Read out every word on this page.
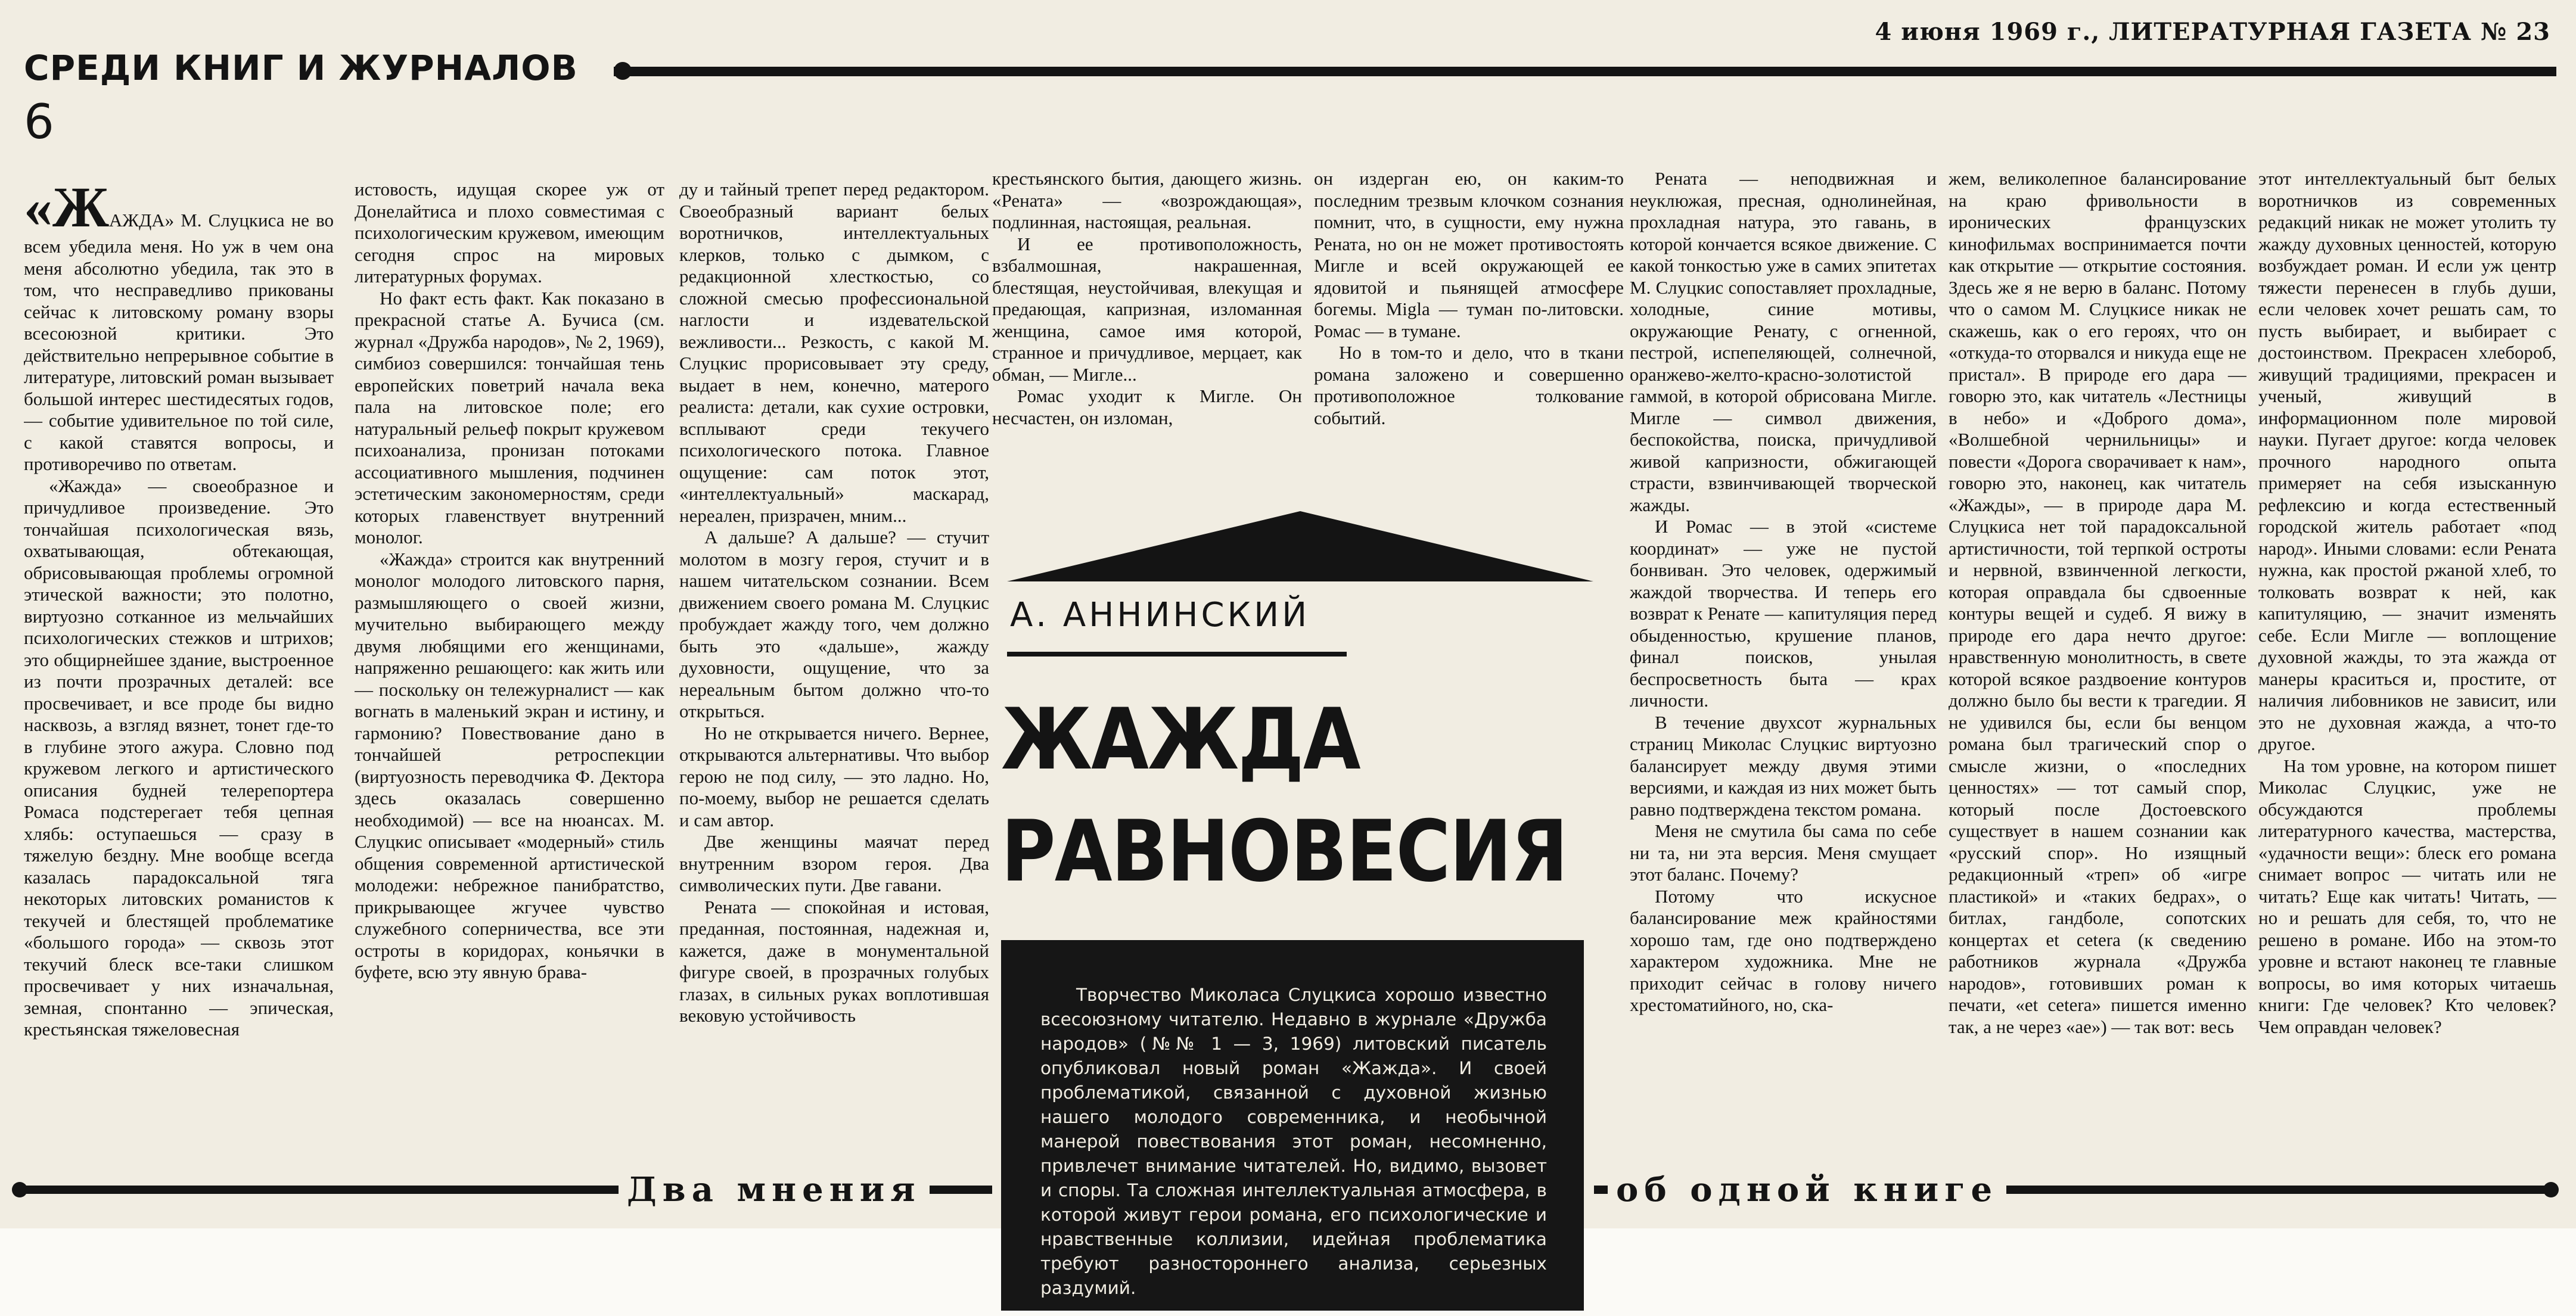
4 июня 1969 г., ЛИТЕРАТУРНАЯ ГАЗЕТА № 23
СРЕДИ КНИГ И ЖУРНАЛОВ
6

«ЖАЖДА» М. Слуцкиса не во всем убедила меня. Но уж в чем она меня абсолютно убедила, так это в том, что несправедливо прикованы сейчас к литовскому роману взоры всесоюзной критики. Это действительно непрерывное событие в литературе, литовский роман вызывает большой интерес шестидесятых годов, — событие удивительное по той силе, с какой ставятся вопросы, и противоречиво по ответам.

«Жажда» — своеобразное и причудливое произведение. Это тончайшая психологическая вязь, охватывающая, обтекающая, обрисовывающая проблемы огромной этической важности; это полотно, виртуозно сотканное из мельчайших психологических стежков и штрихов; это общирнейшее здание, выстроенное из почти прозрачных деталей: все просвечивает, и все проде бы видно насквозь, а взгляд вязнет, тонет где-то в глубине этого ажура. Словно под кружевом легкого и артистического описания будней телерепортера Ромаса подстерегает тебя цепная хлябь: оступаешься — сразу в тяжелую бездну. Мне вообще всегда казалась парадоксальной тяга некоторых литовских романистов к текучей и блестящей проблематике «большого города» — сквозь этот текучий блеск все-таки слишком просвечивает у них изначальная, земная, спонтанно — эпическая, крестьянская тяжеловесная

истовость, идущая скорее уж от Донелайтиса и плохо совместимая с психологическим кружевом, имеющим сегодня спрос на мировых литературных форумах.

Но факт есть факт. Как показано в прекрасной статье А. Бучиса (см. журнал «Дружба народов», № 2, 1969), симбиоз совершился: тончайшая тень европейских поветрий начала века пала на литовское поле; его натуральный рельеф покрыт кружевом психоанализа, пронизан потоками ассоциативного мышления, подчинен эстетическим закономерностям, среди которых главенствует внутренний монолог.

«Жажда» строится как внутренний монолог молодого литовского парня, размышляющего о своей жизни, мучительно выбирающего между двумя любящими его женщинами, напряженно решающего: как жить или — поскольку он тележурналист — как вогнать в маленький экран и истину, и гармонию? Повествование дано в тончайшей ретроспекции (виртуозность переводчика Ф. Дектора здесь оказалась совершенно необходимой) — все на нюансах. М. Слуцкис описывает «модерный» стиль общения современной артистической молодежи: небрежное панибратство, прикрывающее жгучее чувство служебного соперничества, все эти остроты в коридорах, коньячки в буфете, всю эту явную брава-

ду и тайный трепет перед редактором. Своеобразный вариант белых воротничков, интеллектуальных клерков, только с дымком, с редакционной хлесткостью, со сложной смесью профессиональной наглости и издевательской вежливости... Резкость, с какой М. Слуцкис прорисовывает эту среду, выдает в нем, конечно, матерого реалиста: детали, как сухие островки, всплывают среди текучего психологического потока. Главное ощущение: сам поток этот, «интеллектуальный» маскарад, нереален, призрачен, мним...

А дальше? А дальше? — стучит молотом в мозгу героя, стучит и в нашем читательском сознании. Всем движением своего романа М. Слуцкис пробуждает жажду того, чем должно быть это «дальше», жажду духовности, ощущение, что за нереальным бытом должно что-то открыться.

Но не открывается ничего. Вернее, открываются альтернативы. Что выбор герою не под силу, — это ладно. Но, по-моему, выбор не решается сделать и сам автор.

Две женщины маячат перед внутренним взором героя. Два символических пути. Две гавани.

Рената — спокойная и истовая, преданная, постоянная, надежная и, кажется, даже в монументальной фигуре своей, в прозрачных голубых глазах, в сильных руках воплотившая вековую устойчивость

крестьянского бытия, дающего жизнь. «Рената» — «возрождающая», подлинная, настоящая, реальная.

И ее противоположность, взбалмошная, накрашенная, блестящая, неустойчивая, влекущая и предающая, капризная, изломанная женщина, самое имя которой, странное и причудливое, мерцает, как обман, — Мигле...

Ромас уходит к Мигле. Он несчастен, он изломан,

он издерган ею, он каким-то последним трезвым клочком сознания помнит, что, в сущности, ему нужна Рената, но он не может противостоять Мигле и всей окружающей ее ядовитой и пьянящей атмосфере богемы. Migla — туман по-литовски. Ромас — в тумане.

Но в том-то и дело, что в ткани романа заложено и совершенно противоположное толкование событий.

А. АННИНСКИЙ
ЖАЖДА
РАВНОВЕСИЯ

Творчество Миколаса Слуцкиса хорошо известно всесоюзному читателю. Недавно в журнале «Дружба народов» (№№ 1 — 3, 1969) литовский писатель опубликовал новый роман «Жажда». И своей проблематикой, связанной с духовной жизнью нашего молодого современника, и необычной манерой повествования этот роман, несомненно, привлечет внимание читателей. Но, видимо, вызовет и споры. Та сложная интеллектуальная атмосфера, в которой живут герои романа, его психологические и нравственные коллизии, идейная проблематика требуют разностороннего анализа, серьезных раздумий.

Рената — неподвижная и неуклюжая, пресная, однолинейная, прохладная натура, это гавань, в которой кончается всякое движение. С какой тонкостью уже в самих эпитетах М. Слуцкис сопоставляет прохладные, холодные, синие мотивы, окружающие Ренату, с огненной, пестрой, испепеляющей, солнечной, оранжево-желто-красно-золотистой гаммой, в которой обрисована Мигле. Мигле — символ движения, беспокойства, поиска, причудливой живой капризности, обжигающей страсти, взвинчивающей творческой жажды.

И Ромас — в этой «системе координат» — уже не пустой бонвиван. Это человек, одержимый жаждой творчества. И теперь его возврат к Ренате — капитуляция перед обыденностью, крушение планов, финал поисков, унылая беспросветность быта — крах личности.

В течение двухсот журнальных страниц Миколас Слуцкис виртуозно балансирует между двумя этими версиями, и каждая из них может быть равно подтверждена текстом романа.

Меня не смутила бы сама по себе ни та, ни эта версия. Меня смущает этот баланс. Почему?

Потому что искусное балансирование меж крайностями хорошо там, где оно подтверждено характером художника. Мне не приходит сейчас в голову ничего хрестоматийного, но, ска-

жем, великолепное балансирование на краю фривольности в иронических французских кинофильмах воспринимается почти как открытие — открытие состояния. Здесь же я не верю в баланс. Потому что о самом М. Слуцкисе никак не скажешь, как о его героях, что он «откуда-то оторвался и никуда еще не пристал». В природе его дара — говорю это, как читатель «Лестницы в небо» и «Доброго дома», «Волшебной чернильницы» и повести «Дорога сворачивает к нам», говорю это, наконец, как читатель «Жажды», — в природе дара М. Слуцкиса нет той парадоксальной артистичности, той терпкой остроты и нервной, взвинченной легкости, которая оправдала бы сдвоенные контуры вещей и судеб. Я вижу в природе его дара нечто другое: нравственную монолитность, в свете которой всякое раздвоение контуров должно было бы вести к трагедии. Я не удивился бы, если бы венцом романа был трагический спор о смысле жизни, о «последних ценностях» — тот самый спор, который после Достоевского существует в нашем сознании как «русский спор». Но изящный редакционный «треп» об «игре пластикой» и «таких бедрах», о битлах, гандболе, сопотских концертах et cetera (к сведению работников журнала «Дружба народов», готовивших роман к печати, «et cetera» пишется именно так, а не через «ae») — так вот: весь

этот интеллектуальный быт белых воротничков из современных редакций никак не может утолить ту жажду духовных ценностей, которую возбуждает роман. И если уж центр тяжести перенесен в глубь души, если человек хочет решать сам, то пусть выбирает, и выбирает с достоинством. Прекрасен хлебороб, живущий традициями, прекрасен и ученый, живущий в информационном поле мировой науки. Пугает другое: когда человек прочного народного опыта примеряет на себя изысканную рефлексию и когда естественный городской житель работает «под народ». Иными словами: если Рената нужна, как простой ржаной хлеб, то толковать возврат к ней, как капитуляцию, — значит изменять себе. Если Мигле — воплощение духовной жажды, то эта жажда от манеры краситься и, простите, от наличия либовников не зависит, или это не духовная жажда, а что-то другое.

На том уровне, на котором пишет Миколас Слуцкис, уже не обсуждаются проблемы литературного качества, мастерства, «удачности вещи»: блеск его романа снимает вопрос — читать или не читать? Еще как читать! Читать, — но и решать для себя, то, что не решено в романе. Ибо на этом-то уровне и встают наконец те главные вопросы, во имя которых читаешь книги: Где человек? Кто человек? Чем оправдан человек?

Два мнения	об одной книге
